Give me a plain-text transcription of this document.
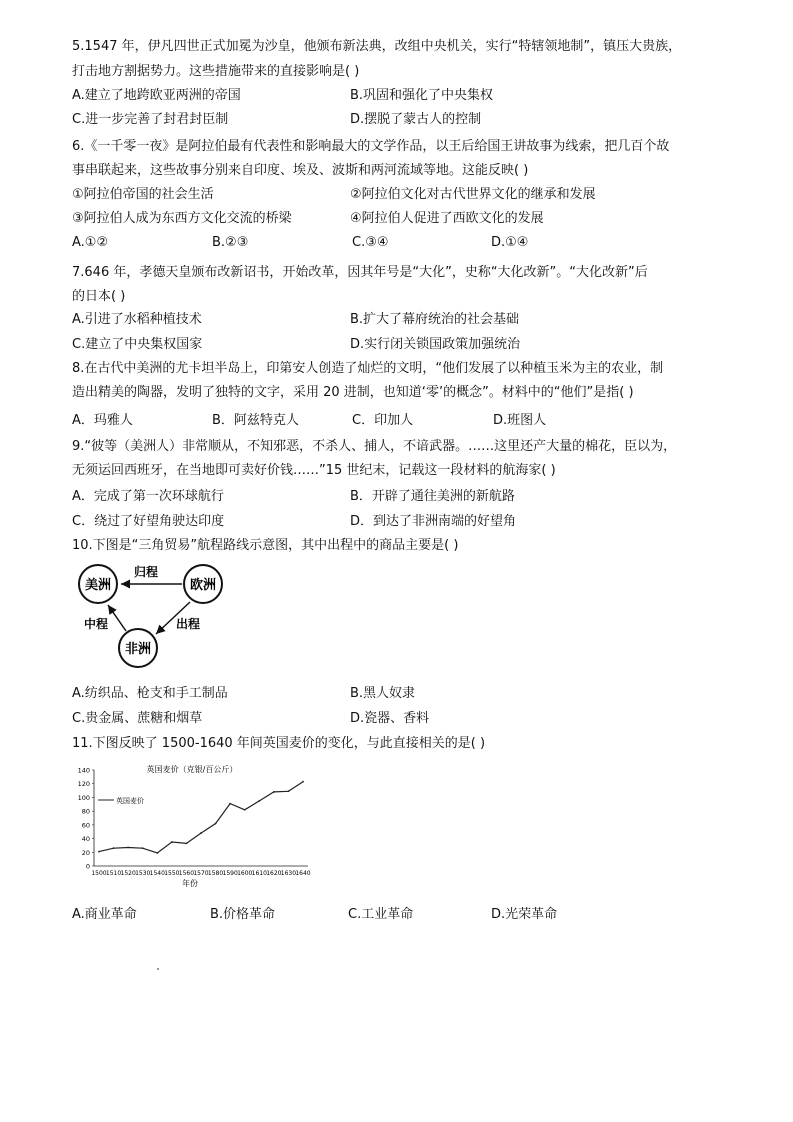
5.1547 年，伊凡四世正式加冕为沙皇，他颁布新法典，改组中央机关，实行“特辖领地制”，镇压大贵族，
打击地方割据势力。这些措施带来的直接影响是( )
A.建立了地跨欧亚两洲的帝国	B.巩固和强化了中央集权
C.进一步完善了封君封臣制	D.摆脱了蒙古人的控制
6.《一千零一夜》是阿拉伯最有代表性和影响最大的文学作品，以王后给国王讲故事为线索，把几百个故
事串联起来，这些故事分别来自印度、埃及、波斯和两河流域等地。这能反映( )
①阿拉伯帝国的社会生活	②阿拉伯文化对古代世界文化的继承和发展
③阿拉伯人成为东西方文化交流的桥梁	④阿拉伯人促进了西欧文化的发展
A.①②	B.②③	C.③④	D.①④
7.646 年，孝德天皇颁布改新诏书，开始改革，因其年号是“大化”，史称“大化改新”。“大化改新”后
的日本( )
A.引进了水稻种植技术	B.扩大了幕府统治的社会基础
C.建立了中央集权国家	D.实行闭关锁国政策加强统治
8.在古代中美洲的尤卡坦半岛上，印第安人创造了灿烂的文明，“他们发展了以种植玉米为主的农业，制
造出精美的陶器，发明了独特的文字，采用 20 进制，也知道‘零’的概念”。材料中的“他们”是指( )
A．玛雅人	B．阿兹特克人	C．印加人	D.班图人
9.“彼等（美洲人）非常顺从，不知邪恶，不杀人、捕人，不谙武器。……这里还产大量的棉花，臣以为，
无须运回西班牙，在当地即可卖好价钱……”15 世纪末，记载这一段材料的航海家( )
A．完成了第一次环球航行	B．开辟了通往美洲的新航路
C．绕过了好望角驶达印度	D．到达了非洲南端的好望角
10.下图是“三角贸易”航程路线示意图，其中出程中的商品主要是( )
美洲	欧洲
非洲
归程
出程
中程
A.纺织品、枪支和手工制品	B.黑人奴隶
C.贵金属、蔗糖和烟草	D.瓷器、香料
11.下图反映了 1500-1640 年间英国麦价的变化，与此直接相关的是( )
英国麦价（克银/百公斤）
英国麦价
0
20
40
60
80
100
120
140
1500 1510 1520 1530 1540 1550 1560 1570 1580 1590 1600 1610 1620 1630 1640
年份
A.商业革命	B.价格革命	C.工业革命	D.光荣革命
